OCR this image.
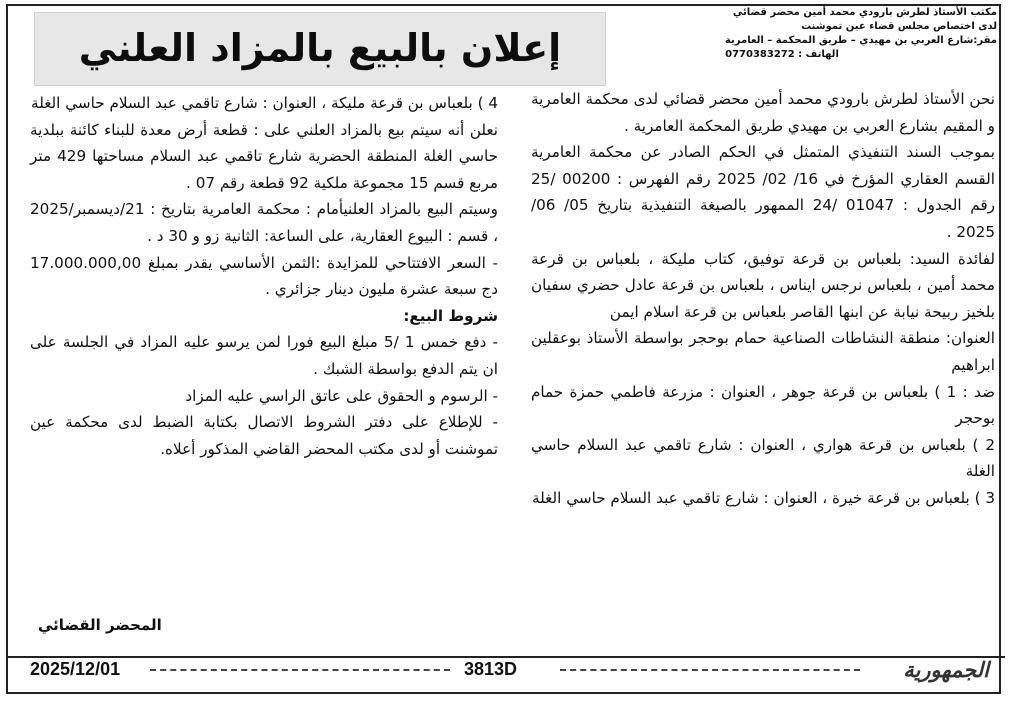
مكتب الأستاذ لطرش بارودي محمد أمين محضر قضائي
لدى اختصاص مجلس قضاء عين تموشنت
مقر:شارع العربي بن مهيدي – طريق المحكمة – العامرية
الهاتف : 0770383272
إعلان بالبيع بالمزاد العلني

نحن الأستاذ لطرش بارودي محمد أمين محضر قضائي لدى محكمة العامرية و المقيم بشارع العربي بن مهيدي طريق المحكمة العامرية .

بموجب السند التنفيذي المتمثل في الحكم الصادر عن محكمة العامرية القسم العقاري المؤرخ في 16/ 02/ 2025 رقم الفهرس : 00200 /25 رقم الجدول : 01047 /24 الممهور بالصيغة التنفيذية بتاريخ 05/ 06/ 2025 .

لفائدة السيد: بلعباس بن قرعة توفيق، كتاب مليكة ، بلعباس بن قرعة محمد أمين ، بلعباس نرجس ايناس ، بلعباس بن قرعة عادل حضري سفيان بلخيز ربيحة نيابة عن ابنها القاصر بلعباس بن قرعة اسلام ايمن

العنوان: منطقة النشاطات الصناعية حمام بوحجر بواسطة الأستاذ بوعقلين ابراهيم

ضد : 1 ) بلعباس بن قرعة جوهر ، العنوان : مزرعة فاطمي حمزة حمام بوحجر

2 ) بلعباس بن قرعة هواري ، العنوان : شارع تاقمي عبد السلام حاسي الغلة

3 ) بلعباس بن قرعة خيرة ، العنوان : شارع تاقمي عبد السلام حاسي الغلة

4 ) بلعباس بن قرعة مليكة ، العنوان : شارع تاقمي عبد السلام حاسي الغلة

نعلن أنه سيتم بيع بالمزاد العلني على : قطعة أرض معدة للبناء كائنة ببلدية حاسي الغلة المنطقة الحضرية شارع تاقمي عبد السلام مساحتها 429 متر مربع قسم 15 مجموعة ملكية 92 قطعة رقم 07 .

وسيتم البيع بالمزاد العلنيأمام : محكمة العامرية بتاريخ : 21/ديسمبر/2025 ، قسم : البيوع العقارية، على الساعة: الثانية زو و 30 د .

- السعر الافتتاحي للمزايدة :الثمن الأساسي يقدر بمبلغ 17.000.000,00 دج سبعة عشرة مليون دينار جزائري .

شروط البيع:

- دفع خمس 1 /5 مبلغ البيع فورا لمن يرسو عليه المزاد في الجلسة على ان يتم الدفع بواسطة الشبك .

- الرسوم و الحقوق على عاتق الراسي عليه المزاد

- للإطلاع على دفتر الشروط الاتصال بكتابة الضبط لدى محكمة عين تموشنت أو لدى مكتب المحضر القاضي المذكور أعلاه.

المحضر القضائي
2025/12/01	3813D	الجمهورية
